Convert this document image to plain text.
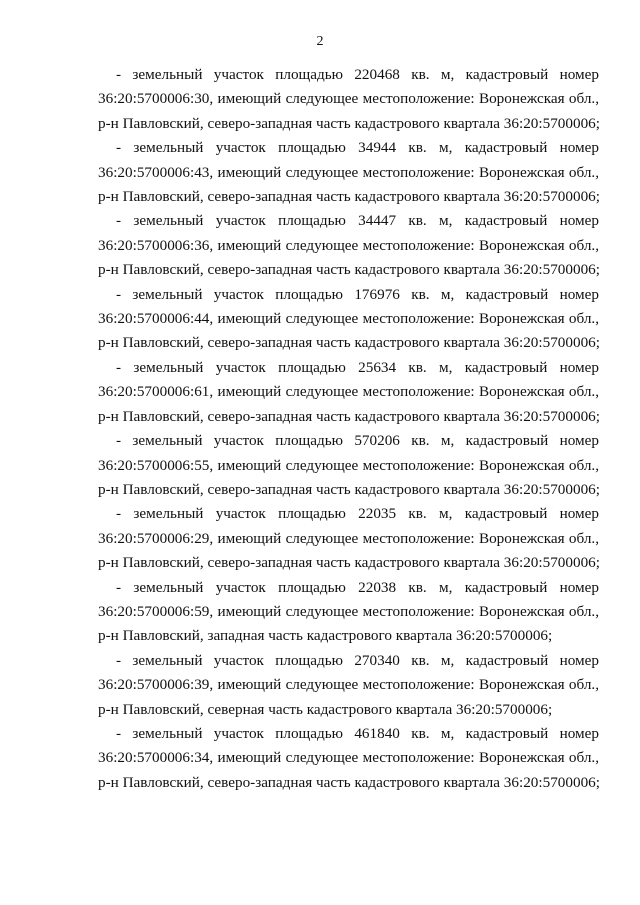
2
- земельный участок площадью 220468 кв. м, кадастровый номер
36:20:5700006:30, имеющий следующее местоположение: Воронежская обл.,
р-н Павловский, северо-западная часть кадастрового квартала 36:20:5700006;
- земельный участок площадью 34944 кв. м, кадастровый номер
36:20:5700006:43, имеющий следующее местоположение: Воронежская обл.,
р-н Павловский, северо-западная часть кадастрового квартала 36:20:5700006;
- земельный участок площадью 34447 кв. м, кадастровый номер
36:20:5700006:36, имеющий следующее местоположение: Воронежская обл.,
р-н Павловский, северо-западная часть кадастрового квартала 36:20:5700006;
- земельный участок площадью 176976 кв. м, кадастровый номер
36:20:5700006:44, имеющий следующее местоположение: Воронежская обл.,
р-н Павловский, северо-западная часть кадастрового квартала 36:20:5700006;
- земельный участок площадью 25634 кв. м, кадастровый номер
36:20:5700006:61, имеющий следующее местоположение: Воронежская обл.,
р-н Павловский, северо-западная часть кадастрового квартала 36:20:5700006;
- земельный участок площадью 570206 кв. м, кадастровый номер
36:20:5700006:55, имеющий следующее местоположение: Воронежская обл.,
р-н Павловский, северо-западная часть кадастрового квартала 36:20:5700006;
- земельный участок площадью 22035 кв. м, кадастровый номер
36:20:5700006:29, имеющий следующее местоположение: Воронежская обл.,
р-н Павловский, северо-западная часть кадастрового квартала 36:20:5700006;
- земельный участок площадью 22038 кв. м, кадастровый номер
36:20:5700006:59, имеющий следующее местоположение: Воронежская обл.,
р-н Павловский, западная часть кадастрового квартала 36:20:5700006;
- земельный участок площадью 270340 кв. м, кадастровый номер
36:20:5700006:39, имеющий следующее местоположение: Воронежская обл.,
р-н Павловский, северная часть кадастрового квартала 36:20:5700006;
- земельный участок площадью 461840 кв. м, кадастровый номер
36:20:5700006:34, имеющий следующее местоположение: Воронежская обл.,
р-н Павловский, северо-западная часть кадастрового квартала 36:20:5700006;
